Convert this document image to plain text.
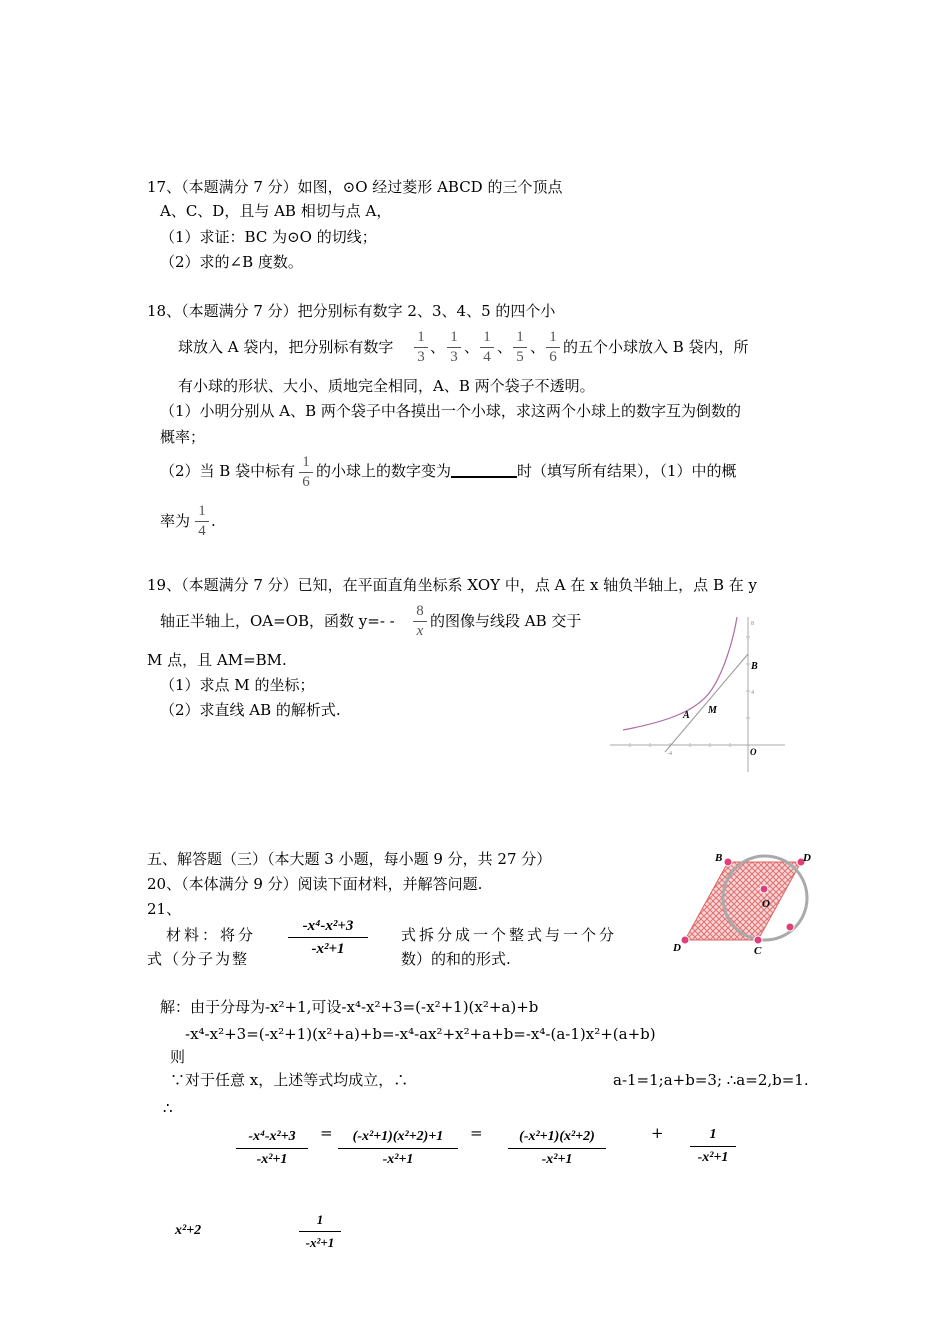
17、（本题满分 7 分）如图，⊙O 经过菱形 ABCD 的三个顶点
A、C、D，且与 AB 相切与点 A，
（1）求证：BC 为⊙O 的切线；
（2）求的∠B 度数。
18、（本题满分 7 分）把分别标有数字 2、3、4、5 的四个小
球放入 A 袋内，把分别标有数字
1
3
、
1
3
、
1
4
、
1
5
、
1
6
的五个小球放入 B 袋内，所
有小球的形状、大小、质地完全相同，A、B 两个袋子不透明。
（1）小明分别从 A、B 两个袋子中各摸出一个小球，求这两个小球上的数字互为倒数的
概率；
（2）当 B 袋中标有 1
6
的小球上的数字变为	时（填写所有结果），（1）中的概
率为
1
4
.
19、（本题满分 7 分）已知，在平面直角坐标系 XOY 中，点 A 在 x 轴负半轴上，点 B 在 y
轴正半轴上，OA=OB，函数 y=- -
8
x
的图像与线段 AB 交于
M 点，且 AM=BM.
（1）求点 M 的坐标；
（2）求直线 AB 的解析式.
B
A M
O
-4
8
4
五、解答题（三）（本大题 3 小题，每小题 9 分，共 27 分）
20、（本体满分 9 分）阅读下面材料，并解答问题.
21、
材料：将分
式（分子为整
-x⁴-x²+3
-x²+1
式拆分成一个整式与一个分
数）的和的形式.
B	D
O
D	C
解：由于分母为-x²+1,可设-x⁴-x²+3=(-x²+1)(x²+a)+b
-x⁴-x²+3=(-x²+1)(x²+a)+b=-x⁴-ax²+x²+a+b=-x⁴-(a-1)x²+(a+b)
则
∵对于任意 x，上述等式均成立，∴	a-1=1;a+b=3; ∴a=2,b=1.
∴
-x⁴-x²+3
-x²+1
=	(-x²+1)(x²+2)+1
-x²+1
=	(-x²+1)(x²+2)
-x²+1
+	1
-x²+1
x²+2
1
-x²+1
